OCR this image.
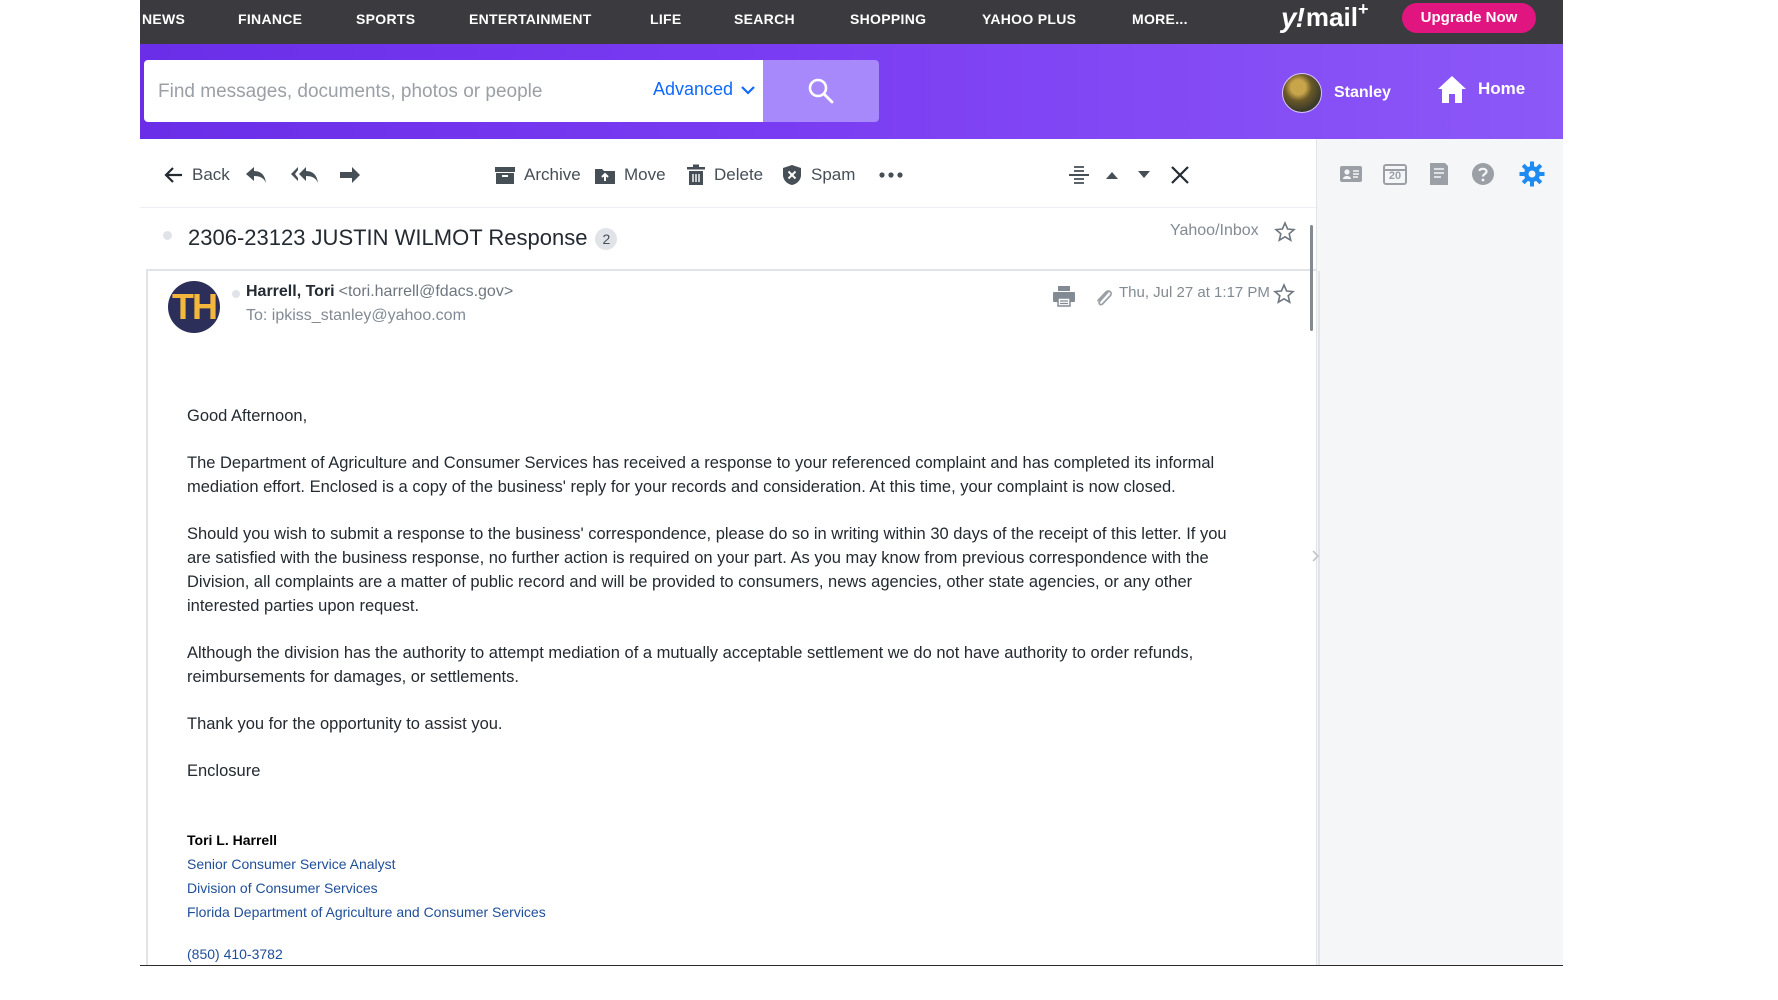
NEWS	FINANCE	SPORTS	ENTERTAINMENT	LIFE	SEARCH	SHOPPING	YAHOO PLUS	MORE...	y! mail +	Upgrade Now
Find messages, documents, photos or people
Advanced	Stanley	Home
Back	Archive	Move	Delete	Spam	20
2306-23123 JUSTIN WILMOT Response 2
Yahoo/Inbox
TH Harrell, Tori <tori.harrell@fdacs.gov>
To: ipkiss_stanley@yahoo.com
Thu, Jul 27 at 1:17 PM

Good Afternoon,

The Department of Agriculture and Consumer Services has received a response to your referenced complaint and has completed its informal mediation effort. Enclosed is a copy of the business' reply for your records and consideration. At this time, your complaint is now closed.

Should you wish to submit a response to the business' correspondence, please do so in writing within 30 days of the receipt of this letter. If you are satisfied with the business response, no further action is required on your part. As you may know from previous correspondence with the Division, all complaints are a matter of public record and will be provided to consumers, news agencies, other state agencies, or any other interested parties upon request.

Although the division has the authority to attempt mediation of a mutually acceptable settlement we do not have authority to order refunds, reimbursements for damages, or settlements.

Thank you for the opportunity to assist you.

Enclosure

Tori L. Harrell
Senior Consumer Service Analyst
Division of Consumer Services
Florida Department of Agriculture and Consumer Services
(850) 410-3782
